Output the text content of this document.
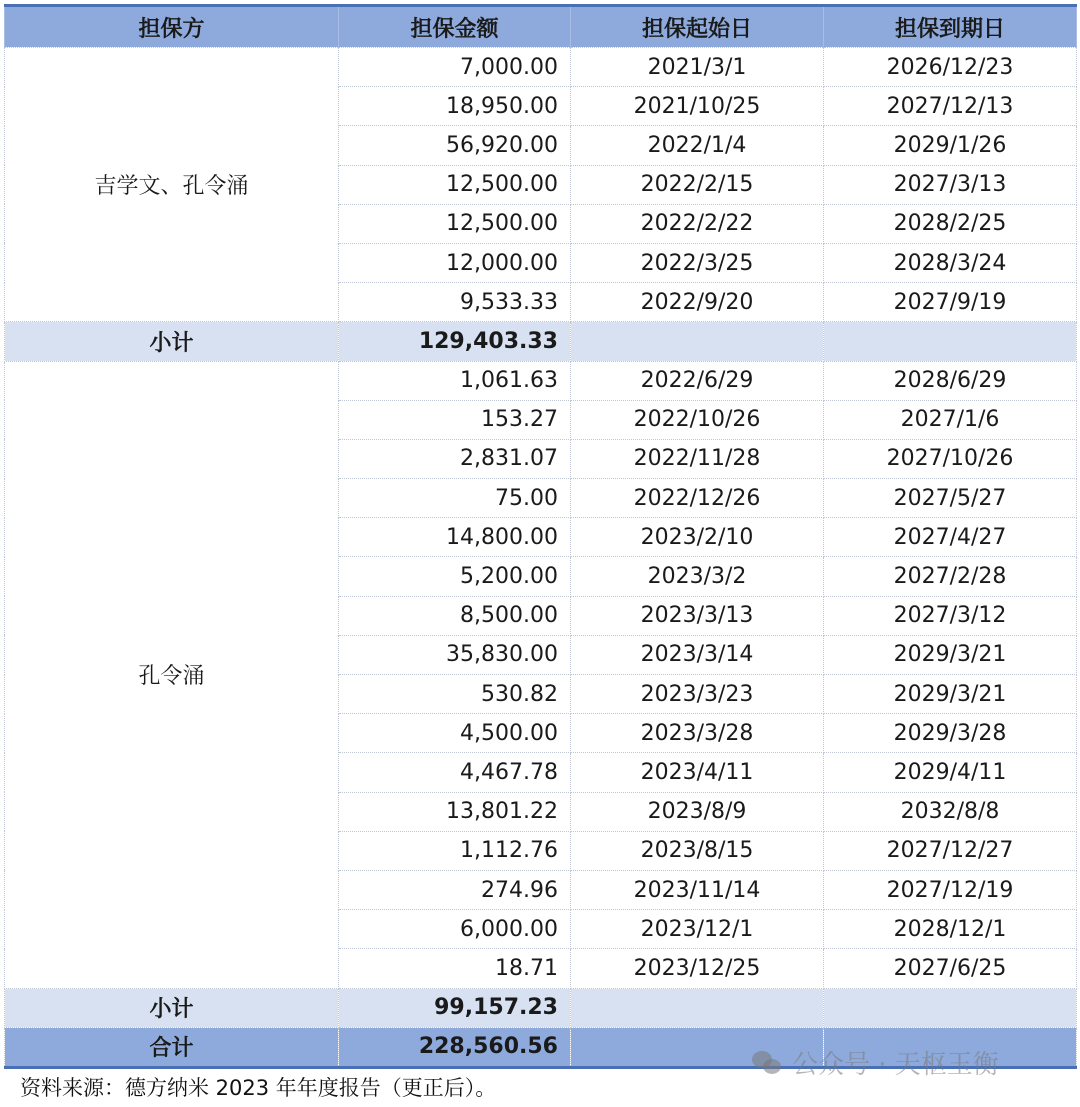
担保方	担保金额	担保起始日	担保到期日
吉学文、孔令涌	7,000.00	2021/3/1	2026/12/23
	18,950.00	2021/10/25	2027/12/13
	56,920.00	2022/1/4	2029/1/26
	12,500.00	2022/2/15	2027/3/13
	12,500.00	2022/2/22	2028/2/25
	12,000.00	2022/3/25	2028/3/24
	9,533.33	2022/9/20	2027/9/19
小计	129,403.33		
孔令涌	1,061.63	2022/6/29	2028/6/29
	153.27	2022/10/26	2027/1/6
	2,831.07	2022/11/28	2027/10/26
	75.00	2022/12/26	2027/5/27
	14,800.00	2023/2/10	2027/4/27
	5,200.00	2023/3/2	2027/2/28
	8,500.00	2023/3/13	2027/3/12
	35,830.00	2023/3/14	2029/3/21
	530.82	2023/3/23	2029/3/21
	4,500.00	2023/3/28	2029/3/28
	4,467.78	2023/4/11	2029/4/11
	13,801.22	2023/8/9	2032/8/8
	1,112.76	2023/8/15	2027/12/27
	274.96	2023/11/14	2027/12/19
	6,000.00	2023/12/1	2028/12/1
	18.71	2023/12/25	2027/6/25
小计	99,157.23		
合计	228,560.56		
资料来源：德方纳米 2023 年年度报告（更正后）。
公众号 · 天枢玉衡
